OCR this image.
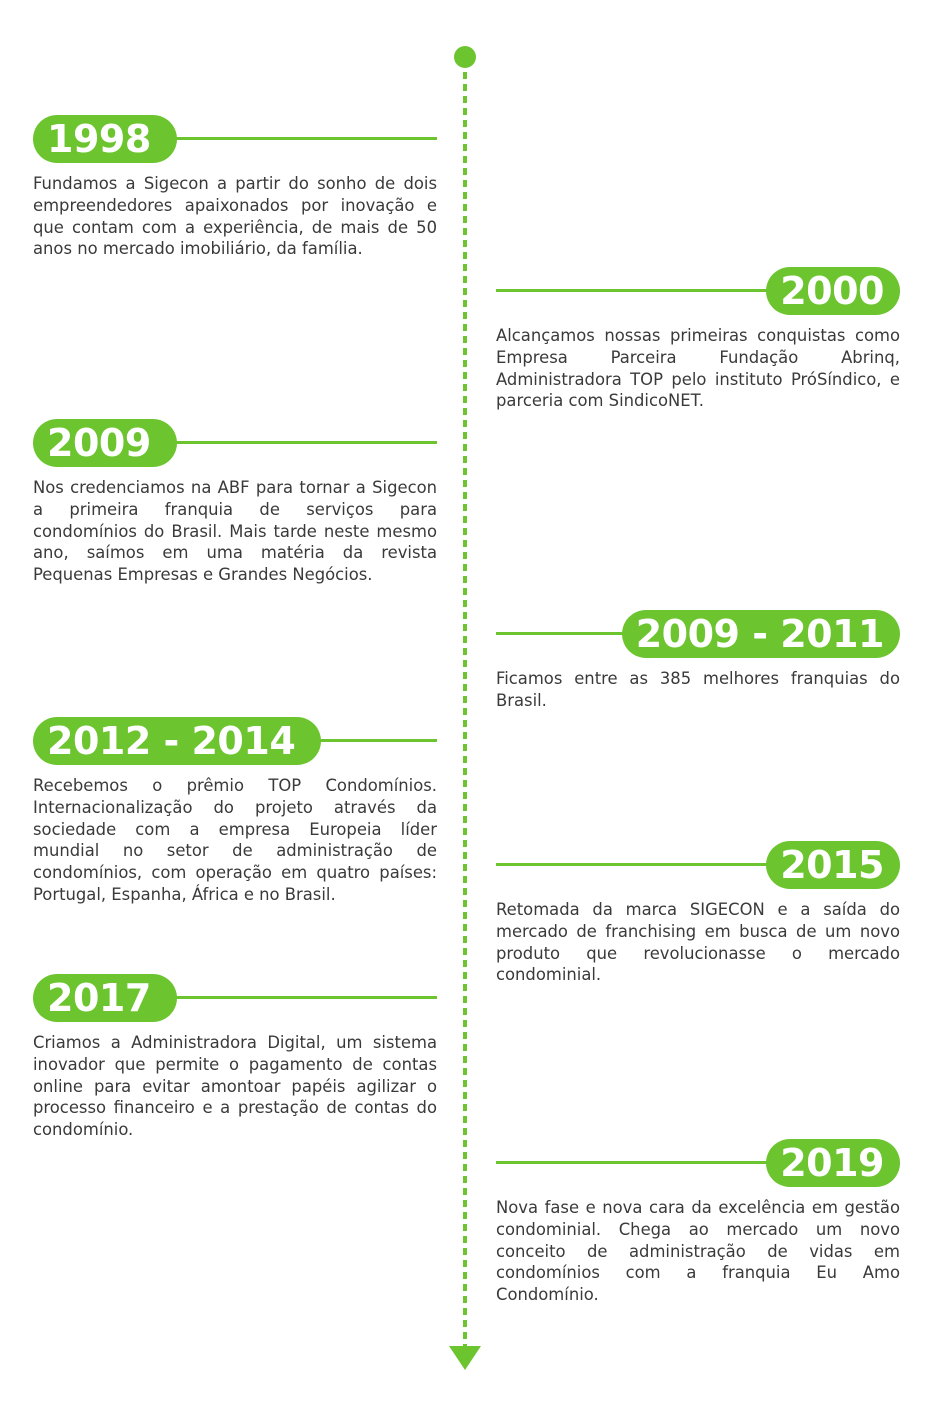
1998

Fundamos a Sigecon a partir do sonho de dois empreendedores apaixonados por inovação e que contam com a experiência, de mais de 50 anos no mercado imobiliário, da família.

2000

Alcançamos nossas primeiras conquistas como Empresa Parceira Fundação Abrinq, Administradora TOP pelo instituto PróSíndico, e parceria com SindicoNET.

2009

Nos credenciamos na ABF para tornar a Sigecon a primeira franquia de serviços para condomínios do Brasil. Mais tarde neste mesmo ano, saímos em uma matéria da revista Pequenas Empresas e Grandes Negócios.

2009 - 2011

Ficamos entre as 385 melhores franquias do Brasil.

2012 - 2014

Recebemos o prêmio TOP Condomínios. Internacionalização do projeto através da sociedade com a empresa Europeia líder mundial no setor de administração de condomínios, com operação em quatro países: Portugal, Espanha, África e no Brasil.

2015

Retomada da marca SIGECON e a saída do mercado de franchising em busca de um novo produto que revolucionasse o mercado condominial.

2017

Criamos a Administradora Digital, um sistema inovador que permite o pagamento de contas online para evitar amontoar papéis agilizar o processo financeiro e a prestação de contas do condomínio.

2019

Nova fase e nova cara da excelência em gestão condominial. Chega ao mercado um novo conceito de administração de vidas em condomínios com a franquia Eu Amo Condomínio.
